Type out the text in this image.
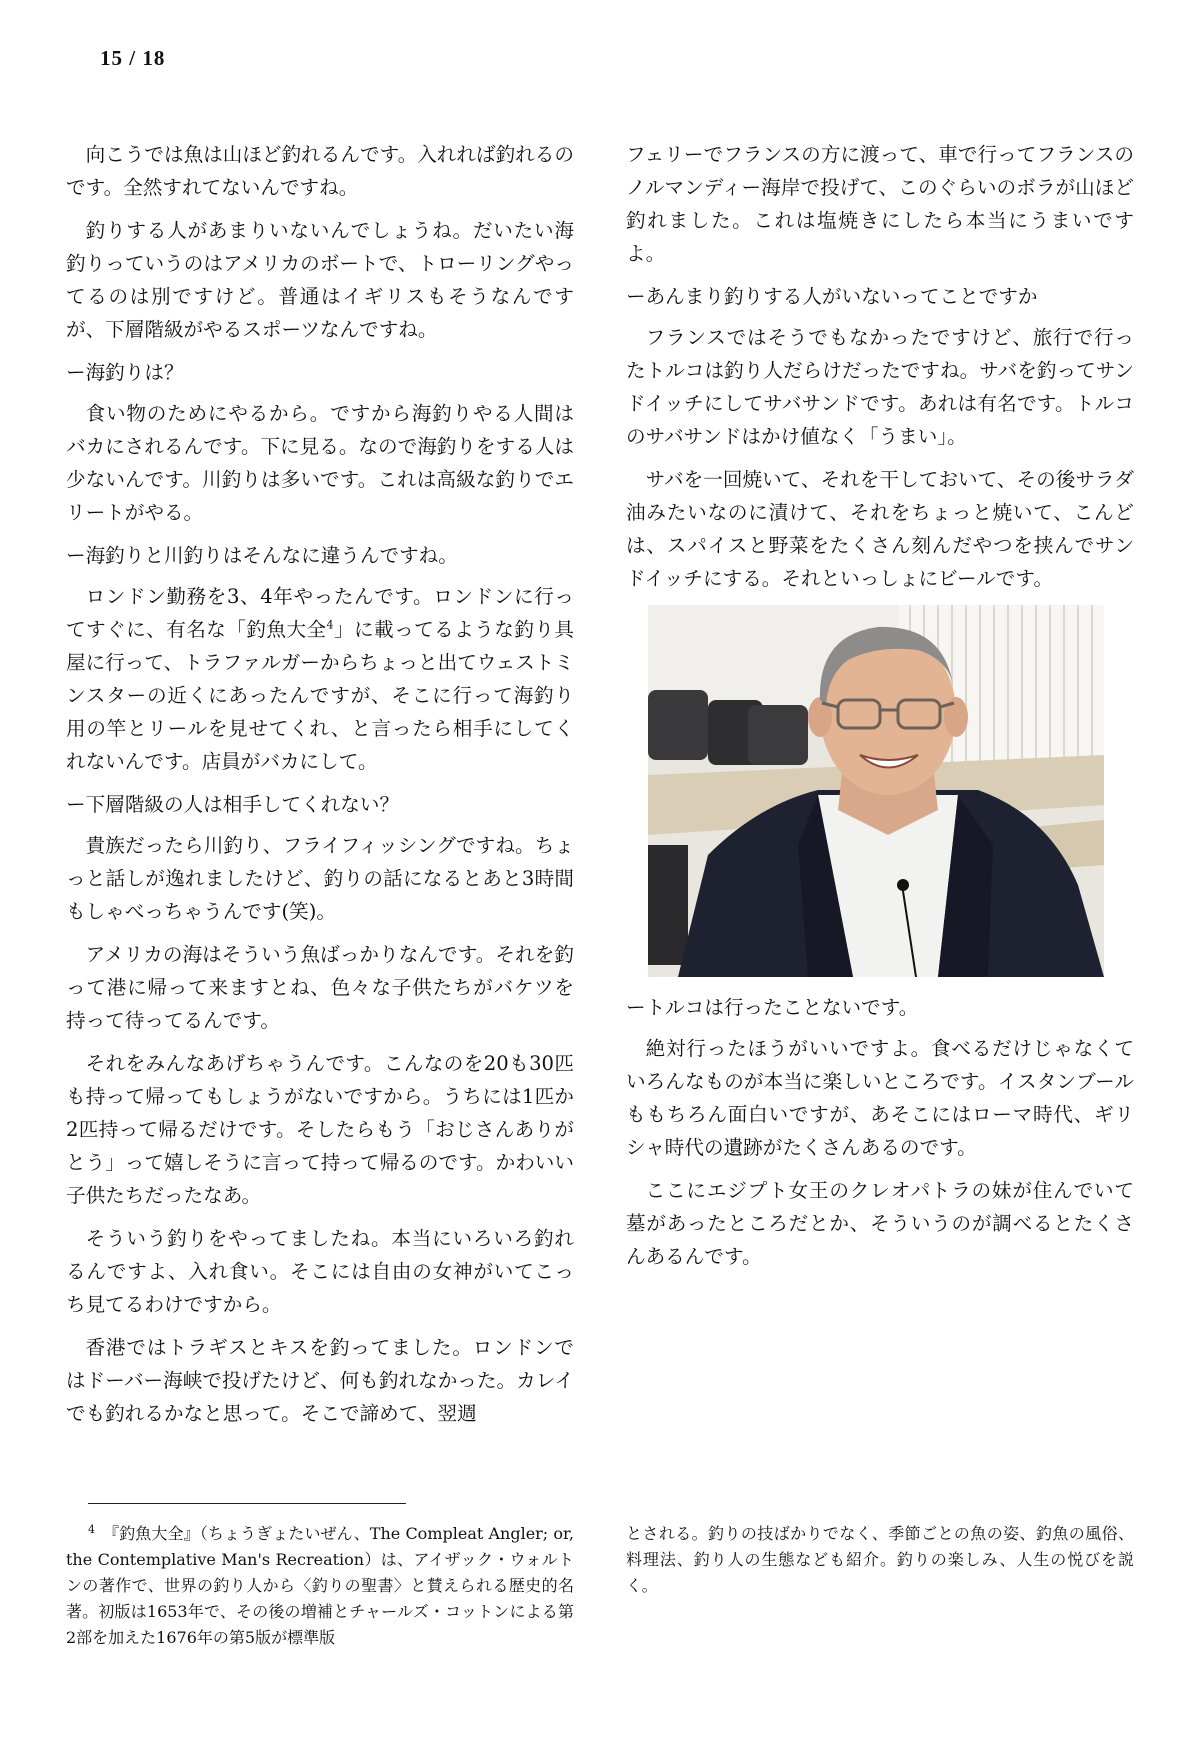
15 / 18

向こうでは魚は山ほど釣れるんです。入れれば釣れるのです。全然すれてないんですね。

釣りする人があまりいないんでしょうね。だいたい海釣りっていうのはアメリカのボートで、トローリングやってるのは別ですけど。普通はイギリスもそうなんですが、下層階級がやるスポーツなんですね。

ー海釣りは？

食い物のためにやるから。ですから海釣りやる人間はバカにされるんです。下に見る。なので海釣りをする人は少ないんです。川釣りは多いです。これは高級な釣りでエリートがやる。

ー海釣りと川釣りはそんなに違うんですね。

ロンドン勤務を3、4年やったんです。ロンドンに行ってすぐに、有名な「釣魚大全$^4$」に載ってるような釣り具屋に行って、トラファルガーからちょっと出てウェストミンスターの近くにあったんですが、そこに行って海釣り用の竿とリールを見せてくれ、と言ったら相手にしてくれないんです。店員がバカにして。

ー下層階級の人は相手してくれない？

貴族だったら川釣り、フライフィッシングですね。ちょっと話しが逸れましたけど、釣りの話になるとあと3時間もしゃべっちゃうんです(笑)。

アメリカの海はそういう魚ばっかりなんです。それを釣って港に帰って来ますとね、色々な子供たちがバケツを持って待ってるんです。

それをみんなあげちゃうんです。こんなのを20も30匹も持って帰ってもしょうがないですから。うちには1匹か2匹持って帰るだけです。そしたらもう「おじさんありがとう」って嬉しそうに言って持って帰るのです。かわいい子供たちだったなあ。

そういう釣りをやってましたね。本当にいろいろ釣れるんですよ、入れ食い。そこには自由の女神がいてこっち見てるわけですから。

香港ではトラギスとキスを釣ってました。ロンドンではドーバー海峡で投げたけど、何も釣れなかった。カレイでも釣れるかなと思って。そこで諦めて、翌週

フェリーでフランスの方に渡って、車で行ってフランスのノルマンディー海岸で投げて、このぐらいのボラが山ほど釣れました。これは塩焼きにしたら本当にうまいですよ。

ーあんまり釣りする人がいないってことですか

フランスではそうでもなかったですけど、旅行で行ったトルコは釣り人だらけだったですね。サバを釣ってサンドイッチにしてサバサンドです。あれは有名です。トルコのサバサンドはかけ値なく「うまい」。

サバを一回焼いて、それを干しておいて、その後サラダ油みたいなのに漬けて、それをちょっと焼いて、こんどは、スパイスと野菜をたくさん刻んだやつを挟んでサンドイッチにする。それといっしょにビールです。

ートルコは行ったことないです。

絶対行ったほうがいいですよ。食べるだけじゃなくていろんなものが本当に楽しいところです。イスタンブールももちろん面白いですが、あそこにはローマ時代、ギリシャ時代の遺跡がたくさんあるのです。

ここにエジプト女王のクレオパトラの妹が住んでいて墓があったところだとか、そういうのが調べるとたくさんあるんです。

$^4$ 『釣魚大全』（ちょうぎょたいぜん、The Compleat Angler; or, the Contemplative Man's Recreation）は、アイザック・ウォルトンの著作で、世界の釣り人から〈釣りの聖書〉と賛えられる歴史的名著。初版は1653年で、その後の増補とチャールズ・コットンによる第2部を加えた1676年の第5版が標準版
とされる。釣りの技ばかりでなく、季節ごとの魚の姿、釣魚の風俗、料理法、釣り人の生態なども紹介。釣りの楽しみ、人生の悦びを説く。
